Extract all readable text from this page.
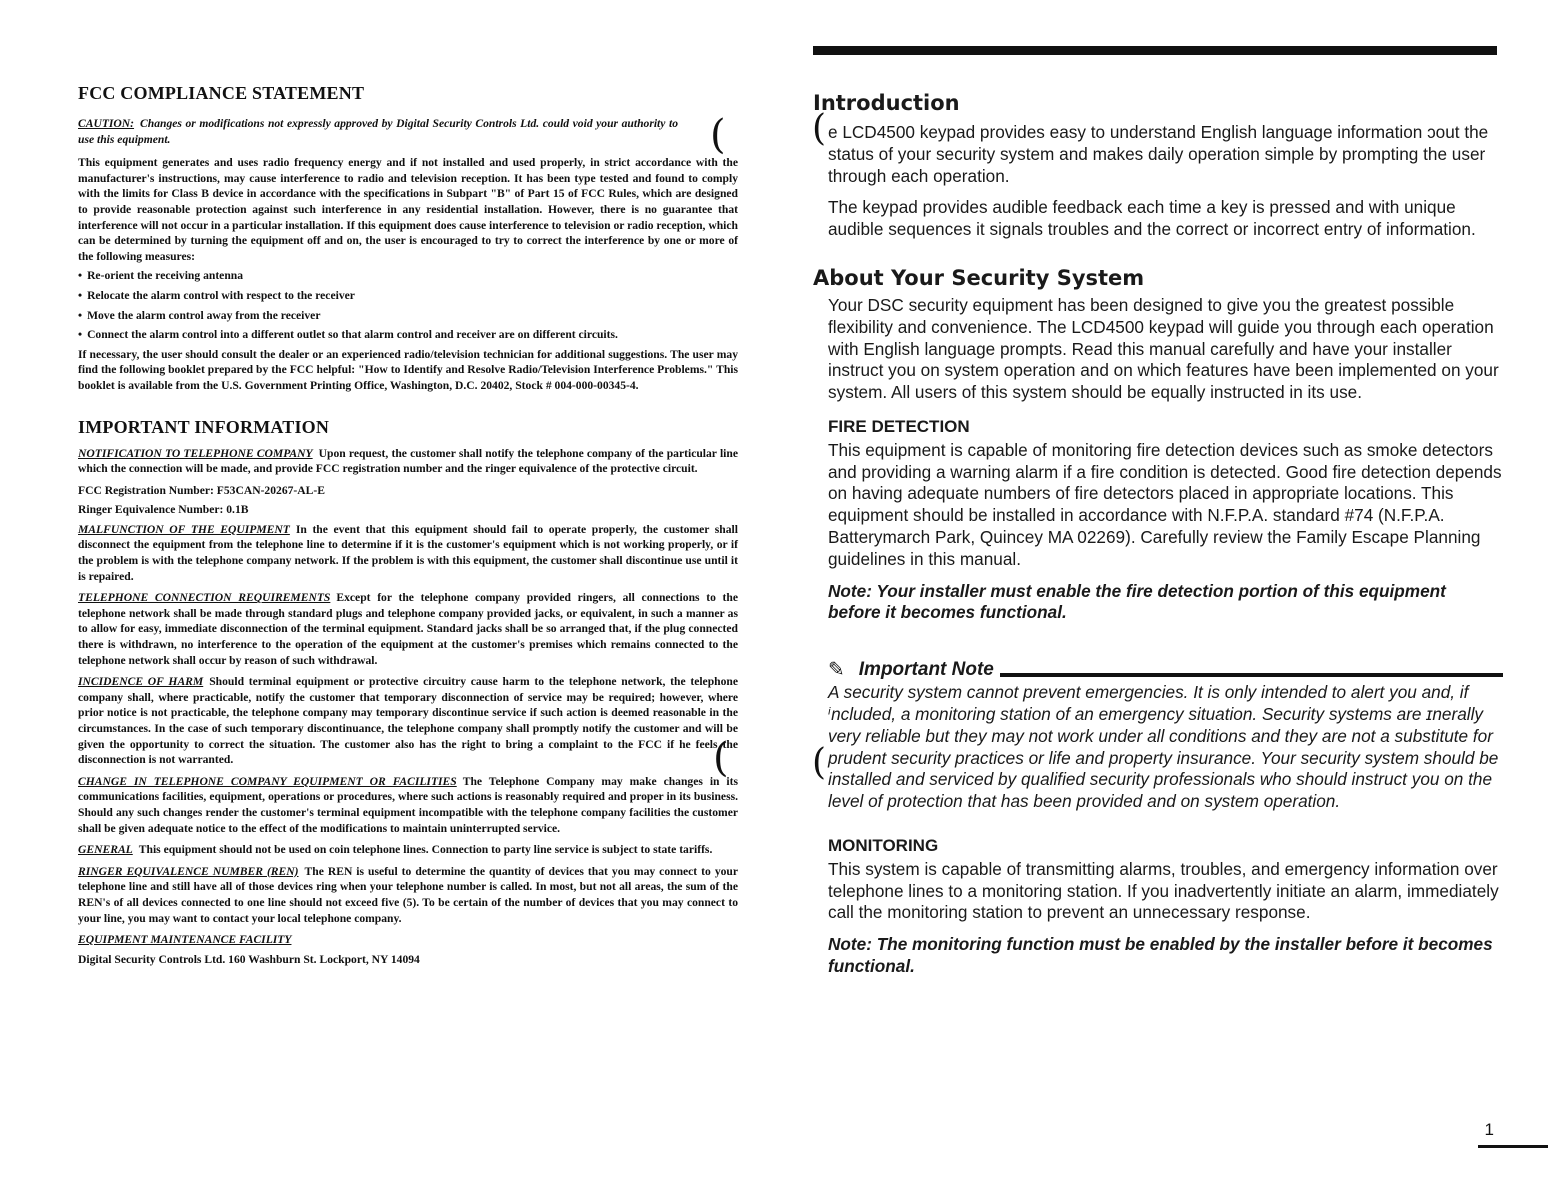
FCC COMPLIANCE STATEMENT

CAUTION: Changes or modifications not expressly approved by Digital Security Controls Ltd. could void your authority to use this equipment.

This equipment generates and uses radio frequency energy and if not installed and used properly, in strict accordance with the manufacturer's instructions, may cause interference to radio and television reception. It has been type tested and found to comply with the limits for Class B device in accordance with the specifications in Subpart "B" of Part 15 of FCC Rules, which are designed to provide reasonable protection against such interference in any residential installation. However, there is no guarantee that interference will not occur in a particular installation. If this equipment does cause interference to television or radio reception, which can be determined by turning the equipment off and on, the user is encouraged to try to correct the interference by one or more of the following measures:

• Re-orient the receiving antenna
• Relocate the alarm control with respect to the receiver
• Move the alarm control away from the receiver
• Connect the alarm control into a different outlet so that alarm control and receiver are on different circuits.

If necessary, the user should consult the dealer or an experienced radio/television technician for additional suggestions. The user may find the following booklet prepared by the FCC helpful: "How to Identify and Resolve Radio/Television Interference Problems." This booklet is available from the U.S. Government Printing Office, Washington, D.C. 20402, Stock # 004-000-00345-4.

IMPORTANT INFORMATION

NOTIFICATION TO TELEPHONE COMPANY Upon request, the customer shall notify the telephone company of the particular line which the connection will be made, and provide FCC registration number and the ringer equivalence of the protective circuit.

FCC Registration Number: F53CAN-20267-AL-E

Ringer Equivalence Number: 0.1B

MALFUNCTION OF THE EQUIPMENT In the event that this equipment should fail to operate properly, the customer shall disconnect the equipment from the telephone line to determine if it is the customer's equipment which is not working properly, or if the problem is with the telephone company network. If the problem is with this equipment, the customer shall discontinue use until it is repaired.

TELEPHONE CONNECTION REQUIREMENTS Except for the telephone company provided ringers, all connections to the telephone network shall be made through standard plugs and telephone company provided jacks, or equivalent, in such a manner as to allow for easy, immediate disconnection of the terminal equipment. Standard jacks shall be so arranged that, if the plug connected there is withdrawn, no interference to the operation of the equipment at the customer's premises which remains connected to the telephone network shall occur by reason of such withdrawal.

INCIDENCE OF HARM Should terminal equipment or protective circuitry cause harm to the telephone network, the telephone company shall, where practicable, notify the customer that temporary disconnection of service may be required; however, where prior notice is not practicable, the telephone company may temporary discontinue service if such action is deemed reasonable in the circumstances. In the case of such temporary discontinuance, the telephone company shall promptly notify the customer and will be given the opportunity to correct the situation. The customer also has the right to bring a complaint to the FCC if he feels the disconnection is not warranted.

CHANGE IN TELEPHONE COMPANY EQUIPMENT OR FACILITIES The Telephone Company may make changes in its communications facilities, equipment, operations or procedures, where such actions is reasonably required and proper in its business. Should any such changes render the customer's terminal equipment incompatible with the telephone company facilities the customer shall be given adequate notice to the effect of the modifications to maintain uninterrupted service.

GENERAL This equipment should not be used on coin telephone lines. Connection to party line service is subject to state tariffs.

RINGER EQUIVALENCE NUMBER (REN) The REN is useful to determine the quantity of devices that you may connect to your telephone line and still have all of those devices ring when your telephone number is called. In most, but not all areas, the sum of the REN's of all devices connected to one line should not exceed five (5). To be certain of the number of devices that you may connect to your line, you may want to contact your local telephone company.

EQUIPMENT MAINTENANCE FACILITY

Digital Security Controls Ltd. 160 Washburn St. Lockport, NY 14094

(
(
(
(
Introduction

e LCD4500 keypad provides easy to understand English language information ɔout the status of your security system and makes daily operation simple by prompting the user through each operation.

The keypad provides audible feedback each time a key is pressed and with unique audible sequences it signals troubles and the correct or incorrect entry of information.

About Your Security System

Your DSC security equipment has been designed to give you the greatest possible flexibility and convenience. The LCD4500 keypad will guide you through each operation with English language prompts. Read this manual carefully and have your installer instruct you on system operation and on which features have been implemented on your system. All users of this system should be equally instructed in its use.

FIRE DETECTION

This equipment is capable of monitoring fire detection devices such as smoke detectors and providing a warning alarm if a fire condition is detected. Good fire detection depends on having adequate numbers of fire detectors placed in appropriate locations. This equipment should be installed in accordance with N.F.P.A. standard #74 (N.F.P.A. Batterymarch Park, Quincey MA 02269). Carefully review the Family Escape Planning guidelines in this manual.

Note: Your installer must enable the fire detection portion of this equipment before it becomes functional.

✎ Important Note

A security system cannot prevent emergencies. It is only intended to alert you and, if ⁱncluded, a monitoring station of an emergency situation. Security systems are ɪnerally very reliable but they may not work under all conditions and they are not a substitute for prudent security practices or life and property insurance. Your security system should be installed and serviced by qualified security professionals who should instruct you on the level of protection that has been provided and on system operation.

MONITORING

This system is capable of transmitting alarms, troubles, and emergency information over telephone lines to a monitoring station. If you inadvertently initiate an alarm, immediately call the monitoring station to prevent an unnecessary response.

Note: The monitoring function must be enabled by the installer before it becomes functional.

1
